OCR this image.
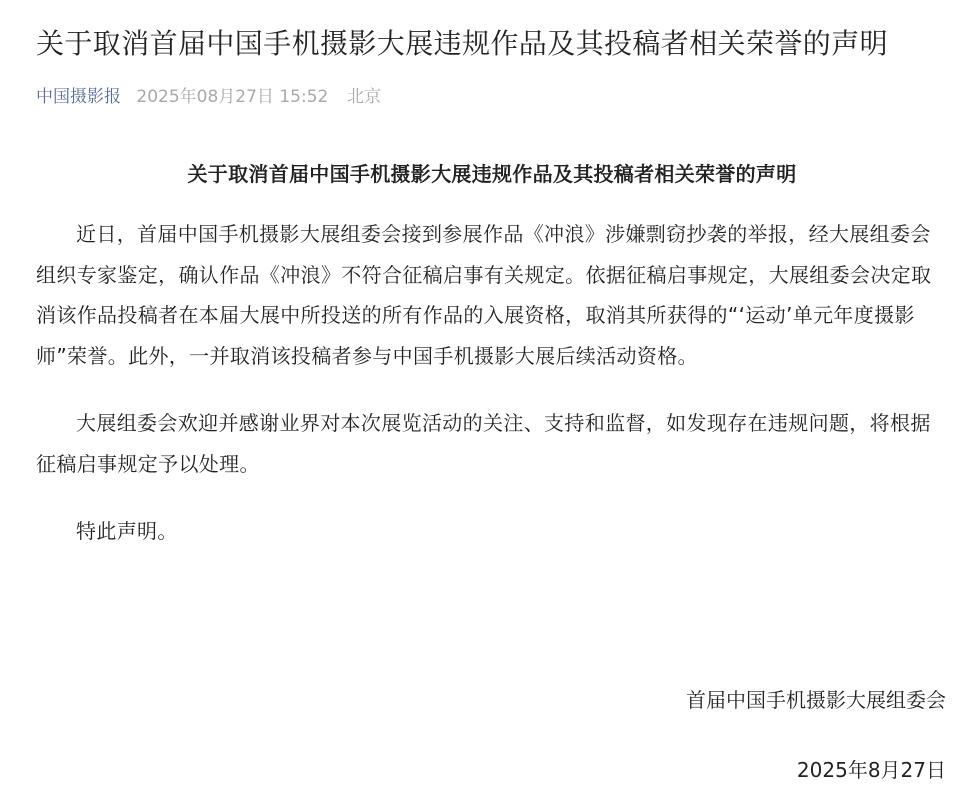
关于取消首届中国手机摄影大展违规作品及其投稿者相关荣誉的声明
中国摄影报 2025年08月27日 15:52 北京

关于取消首届中国手机摄影大展违规作品及其投稿者相关荣誉的声明

近日，首届中国手机摄影大展组委会接到参展作品《冲浪》涉嫌剽窃抄袭的举报，经大展组委会组织专家鉴定，确认作品《冲浪》不符合征稿启事有关规定。依据征稿启事规定，大展组委会决定取消该作品投稿者在本届大展中所投送的所有作品的入展资格，取消其所获得的“‘运动’单元年度摄影师”荣誉。此外，一并取消该投稿者参与中国手机摄影大展后续活动资格。

大展组委会欢迎并感谢业界对本次展览活动的关注、支持和监督，如发现存在违规问题，将根据征稿启事规定予以处理。

特此声明。

首届中国手机摄影大展组委会
2025年8月27日
